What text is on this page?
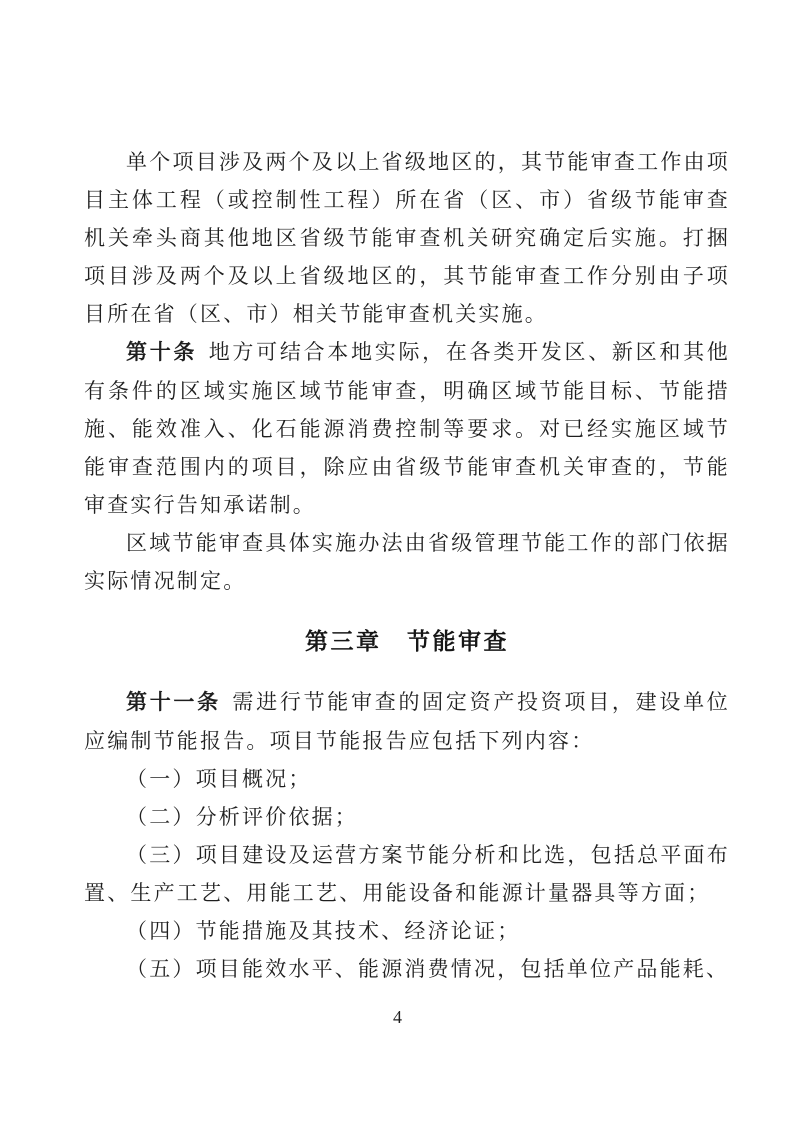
单个项目涉及两个及以上省级地区的，其节能审查工作由项目主体工程（或控制性工程）所在省（区、市）省级节能审查机关牵头商其他地区省级节能审查机关研究确定后实施。打捆项目涉及两个及以上省级地区的，其节能审查工作分别由子项目所在省（区、市）相关节能审查机关实施。

第十条 地方可结合本地实际，在各类开发区、新区和其他有条件的区域实施区域节能审查，明确区域节能目标、节能措施、能效准入、化石能源消费控制等要求。对已经实施区域节能审查范围内的项目，除应由省级节能审查机关审查的，节能审查实行告知承诺制。

区域节能审查具体实施办法由省级管理节能工作的部门依据实际情况制定。

第三章　节能审查

第十一条 需进行节能审查的固定资产投资项目，建设单位应编制节能报告。项目节能报告应包括下列内容：

（一）项目概况；

（二）分析评价依据；

（三）项目建设及运营方案节能分析和比选，包括总平面布置、生产工艺、用能工艺、用能设备和能源计量器具等方面；

（四）节能措施及其技术、经济论证；

（五）项目能效水平、能源消费情况，包括单位产品能耗、

4
